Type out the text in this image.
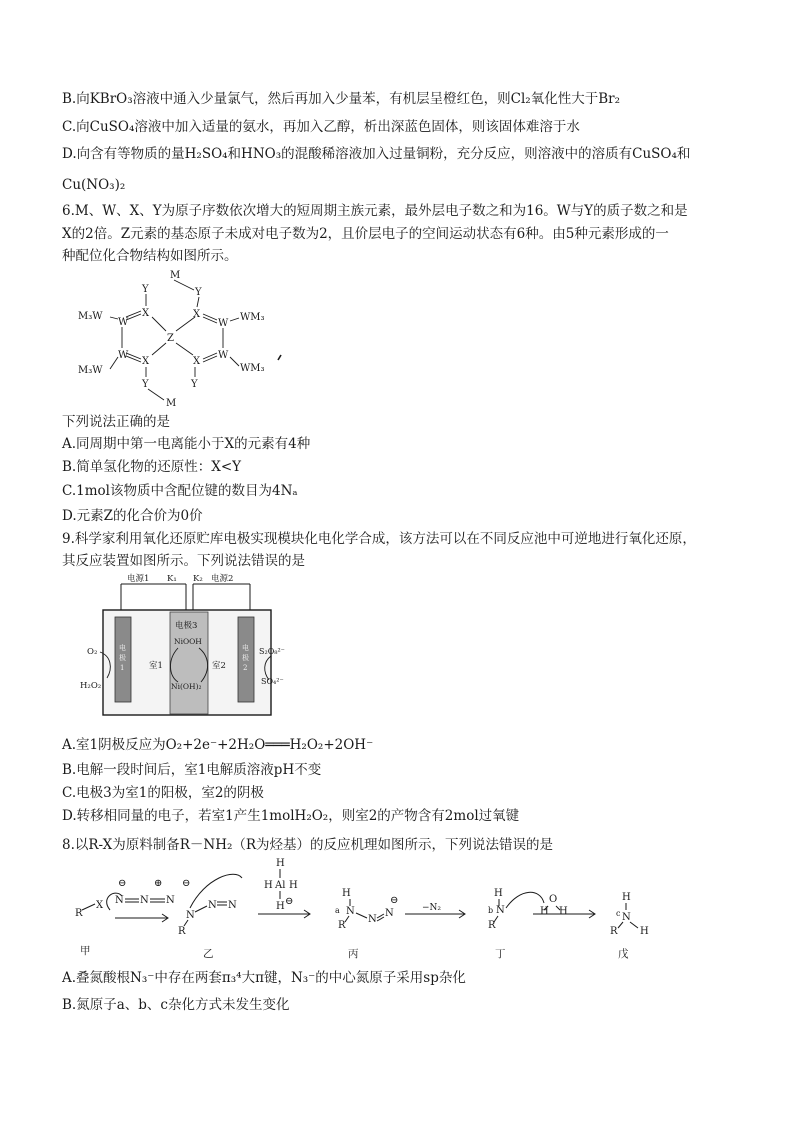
B.向KBrO₃溶液中通入少量氯气，然后再加入少量苯，有机层呈橙红色，则Cl₂氧化性大于Br₂
C.向CuSO₄溶液中加入适量的氨水，再加入乙醇，析出深蓝色固体，则该固体难溶于水
D.向含有等物质的量H₂SO₄和HNO₃的混酸稀溶液加入过量铜粉，充分反应，则溶液中的溶质有CuSO₄和
Cu(NO₃)₂
6.M、W、X、Y为原子序数依次增大的短周期主族元素，最外层电子数之和为16。W与Y的质子数之和是
X的2倍。Z元素的基态原子未成对电子数为2，且价层电子的空间运动状态有6种。由5种元素形成的一
种配位化合物结构如图所示。
M
Y
Y
M₃W
W
X	X
W
WM₃
Z
W
X
M₃W
X
W
WM₃
Y	Y
M
下列说法正确的是
A.同周期中第一电离能小于X的元素有4种
B.简单氢化物的还原性：X<Y
C.1mol该物质中含配位键的数目为4Nₐ
D.元素Z的化合价为0价
9.科学家利用氧化还原贮库电极实现模块化电化学合成，该方法可以在不同反应池中可逆地进行氧化还原，
其反应装置如图所示。下列说法错误的是
电源1 K₁ K₂ 电源2
电极3
NiOOH
Ni(OH)₂
室1	室2
O₂
H₂O₂
S₂O₈²⁻
SO₄²⁻
电
极
1
电
极
2
A.室1阴极反应为O₂+2e⁻+2H₂O═══H₂O₂+2OH⁻
B.电解一段时间后，室1电解质溶液pH不变
C.电极3为室1的阳极，室2的阴极
D.转移相同量的电子，若室1产生1molH₂O₂，则室2的产物含有2mol过氧键
8.以R-X为原料制备R－NH₂（R为烃基）的反应机理如图所示，下列说法错误的是
R
X
⊖	⊕ ⊖
N N N
R
N
N N
H
H Al H
H ⊖
R
H
N
N
N
⊖
H
N
R
H H
O	H
N
R H
a	b	c
−N₂
甲	乙	丙	丁	戊
A.叠氮酸根N₃⁻中存在两套π₃⁴大π键，N₃⁻的中心氮原子采用sp杂化
B.氮原子a、b、c杂化方式未发生变化
